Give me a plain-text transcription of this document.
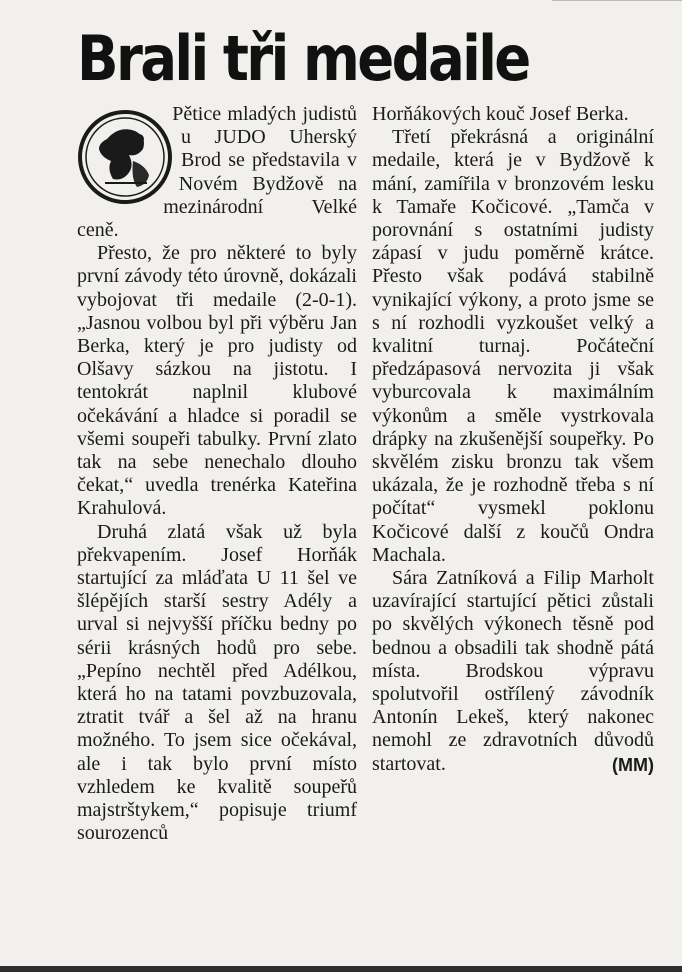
Brali tři medaile

Pětice mladých judistů u JUDO Uherský Brod se představila v Novém Bydžově na mezinárodní Velké ceně.

Přesto, že pro některé to byly první závody této úrovně, dokázali vybojovat tři medaile (2-0-1). „Jasnou volbou byl při výběru Jan Berka, který je pro judisty od Olšavy sázkou na jistotu. I tentokrát naplnil klubové očekávání a hladce si poradil se všemi soupeři tabulky. První zlato tak na sebe nenechalo dlouho čekat,“ uvedla trenérka Kateřina Krahulová.

Druhá zlatá však už byla překvapením. Josef Horňák startující za mláďata U 11 šel ve šlépějích starší sestry Adély a urval si nejvyšší příčku bedny po sérii krásných hodů pro sebe. „Pepíno nechtěl před Adélkou, která ho na tatami povzbuzovala, ztratit tvář a šel až na hranu možného. To jsem sice očekával, ale i tak bylo první místo vzhledem ke kvalitě soupeřů majstrštykem,“ popisuje triumf sourozenců

Horňákových kouč Josef Berka.

Třetí překrásná a originální medaile, která je v Bydžově k mání, zamířila v bronzovém lesku k Tamaře Kočicové. „Tamča v porovnání s ostatními judisty zápasí v judu poměrně krátce. Přesto však podává stabilně vynikající výkony, a proto jsme se s ní rozhodli vyzkoušet velký a kvalitní turnaj. Počáteční předzápasová nervozita ji však vyburcovala k maximálním výkonům a směle vystrkovala drápky na zkušenější soupeřky. Po skvělém zisku bronzu tak všem ukázala, že je rozhodně třeba s ní počítat“ vysmekl poklonu Kočicové další z koučů Ondra Machala.

Sára Zatníková a Filip Marholt uzavírající startující pětici zůstali po skvělých výkonech těsně pod bednou a obsadili tak shodně pátá místa. Brodskou výpravu spolutvořil ostřílený závodník Antonín Lekeš, který nakonec nemohl ze zdravotních důvodů startovat.	(MM)
